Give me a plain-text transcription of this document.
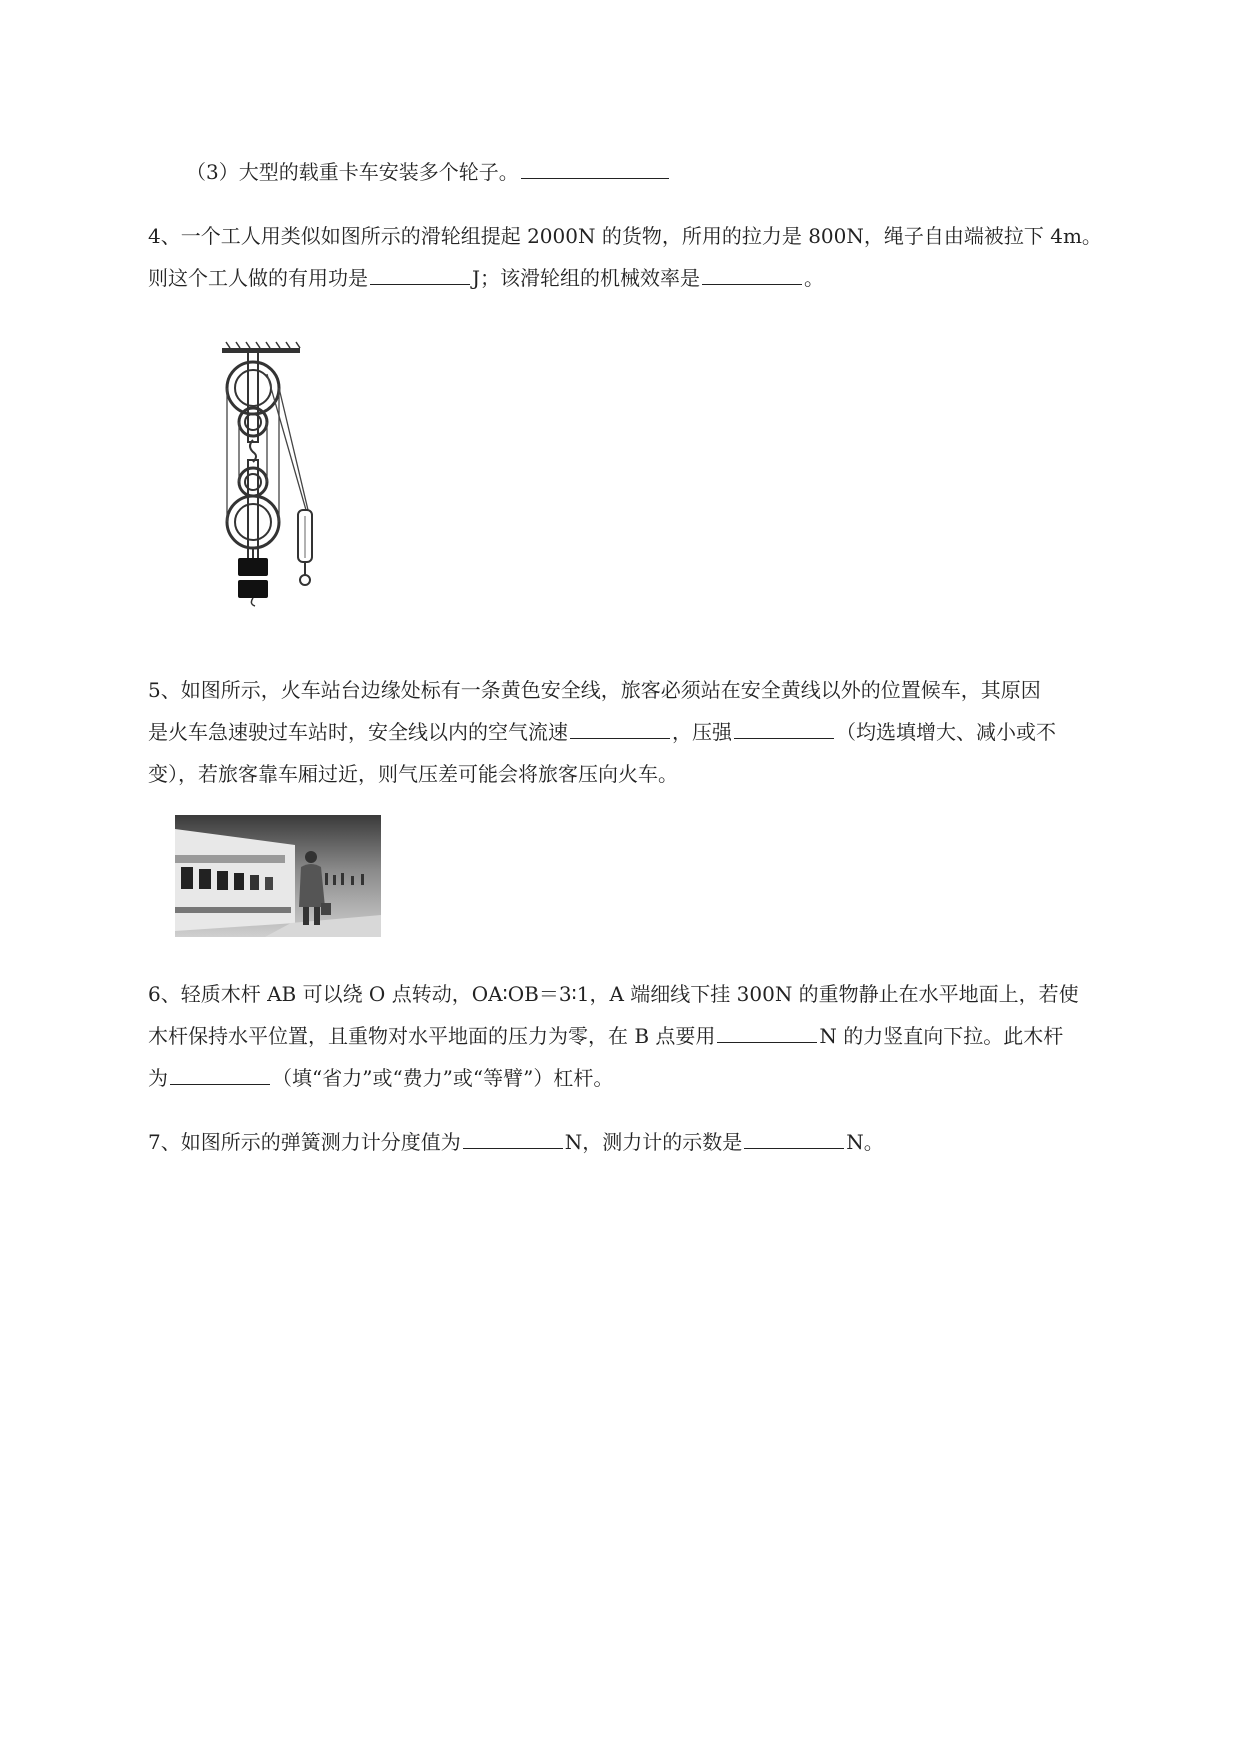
（3）大型的载重卡车安装多个轮子。
4、一个工人用类似如图所示的滑轮组提起 2000N 的货物，所用的拉力是 800N，绳子自由端被拉下 4m。
则这个工人做的有用功是	J；该滑轮组的机械效率是	。
5、如图所示，火车站台边缘处标有一条黄色安全线，旅客必须站在安全黄线以外的位置候车，其原因
是火车急速驶过车站时，安全线以内的空气流速	，压强	（均选填增大、减小或不
变），若旅客靠车厢过近，则气压差可能会将旅客压向火车。
6、轻质木杆 AB 可以绕 O 点转动，OA∶OB＝3∶1，A 端细线下挂 300N 的重物静止在水平地面上，若使
木杆保持水平位置，且重物对水平地面的压力为零，在 B 点要用	N 的力竖直向下拉。此木杆
为	（填“省力”或“费力”或“等臂”）杠杆。
7、如图所示的弹簧测力计分度值为	N，测力计的示数是	N。
